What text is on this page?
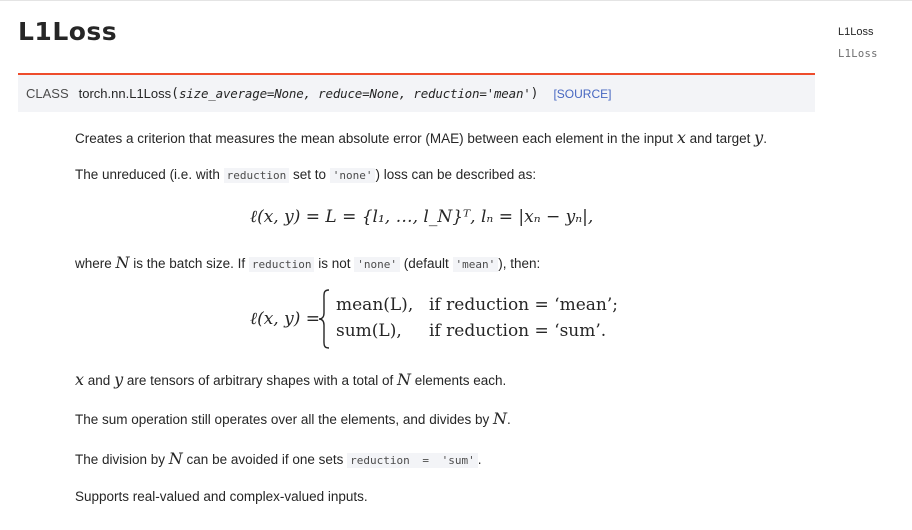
L1Loss	L1Loss
L1Loss
CLASS torch.nn.L1Loss ( size_average=None, reduce=None, reduction='mean' ) [SOURCE]

Creates a criterion that measures the mean absolute error (MAE) between each element in the input x and target y.

The unreduced (i.e. with reduction set to 'none' ) loss can be described as:

ℓ(x, y) = L = {l₁, …, l_N}ᵀ, lₙ = |xₙ − yₙ|,

where N is the batch size. If reduction is not 'none' (default 'mean' ), then:

ℓ(x, y) =
mean(L), if reduction = ‘mean’;
sum(L), if reduction = ‘sum’.

x and y are tensors of arbitrary shapes with a total of N elements each.

The sum operation still operates over all the elements, and divides by N.

The division by N can be avoided if one sets reduction = 'sum' .

Supports real-valued and complex-valued inputs.
